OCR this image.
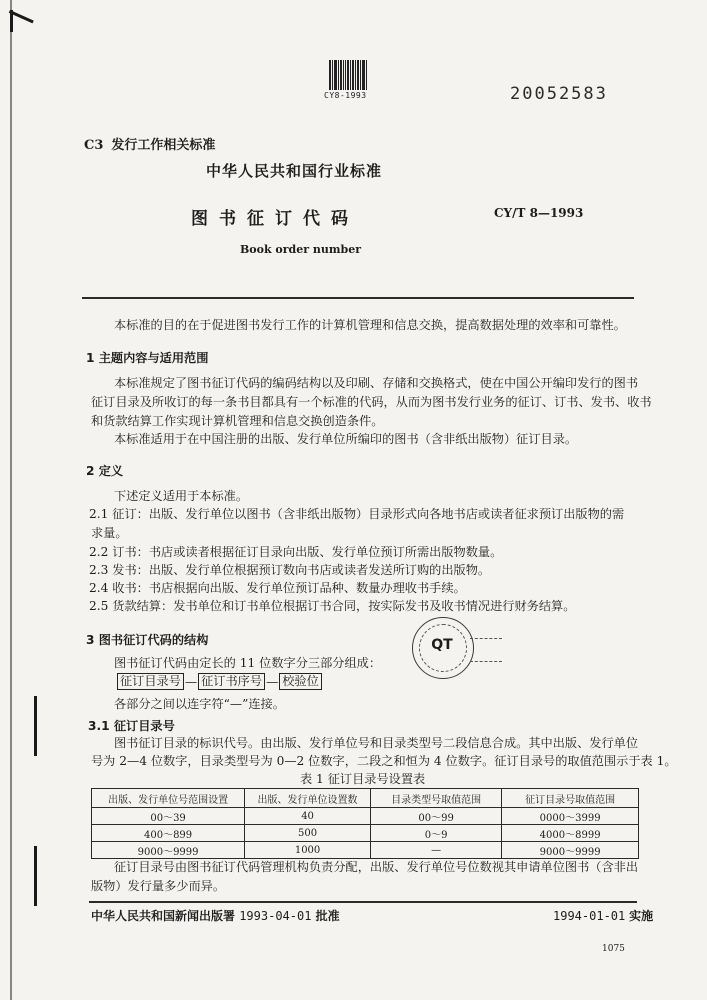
CY8-1993	20052583
C3 发行工作相关标准
中华人民共和国行业标准
图书征订代码	CY/T 8—1993
Book order number
本标准的目的在于促进图书发行工作的计算机管理和信息交换，提高数据处理的效率和可靠性。
1 主题内容与适用范围
本标准规定了图书征订代码的编码结构以及印刷、存储和交换格式，使在中国公开编印发行的图书
征订目录及所收订的每一条书目都具有一个标准的代码，从而为图书发行业务的征订、订书、发书、收书
和货款结算工作实现计算机管理和信息交换创造条件。
本标准适用于在中国注册的出版、发行单位所编印的图书（含非纸出版物）征订目录。
2 定义
下述定义适用于本标准。
2.1 征订：出版、发行单位以图书（含非纸出版物）目录形式向各地书店或读者征求预订出版物的需
求量。
2.2 订书：书店或读者根据征订目录向出版、发行单位预订所需出版物数量。
2.3 发书：出版、发行单位根据预订数向书店或读者发送所订购的出版物。
2.4 收书：书店根据向出版、发行单位预订品种、数量办理收书手续。
2.5 货款结算：发书单位和订书单位根据订书合同，按实际发书及收书情况进行财务结算。
3 图书征订代码的结构
图书征订代码由定长的 11 位数字分三部分组成：
QT
征订目录号 — 征订书序号 — 校验位
各部分之间以连字符“—”连接。
3.1 征订目录号
图书征订目录的标识代号。由出版、发行单位号和目录类型号二段信息合成。其中出版、发行单位
号为 2—4 位数字，目录类型号为 0—2 位数字，二段之和恒为 4 位数字。征订目录号的取值范围示于表 1。
表 1 征订目录号设置表
出版、发行单位号范围设置	出版、发行单位设置数	目录类型号取值范围	征订目录号取值范围
00～39	40	00～99	0000～3999
400～899	500	0～9	4000～8999
9000～9999	1000	—	9000～9999
征订目录号由图书征订代码管理机构负责分配，出版、发行单位号位数视其申请单位图书（含非出
版物）发行量多少而异。
中华人民共和国新闻出版署 1993-04-01 批准	1994-01-01 实施
1075
